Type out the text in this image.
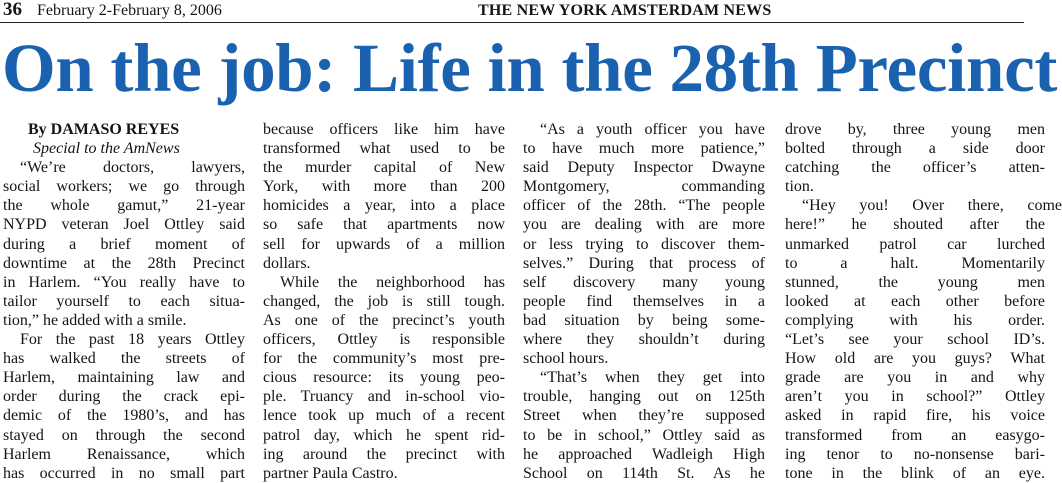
36 February 2-February 8, 2006	THE NEW YORK AMSTERDAM NEWS
On the job: Life in the 28th Precinct
By DAMASO REYES
Special to the AmNews
“We’re doctors, lawyers,
social workers; we go through
the whole gamut,” 21-year
NYPD veteran Joel Ottley said
during a brief moment of
downtime at the 28th Precinct
in Harlem. “You really have to
tailor yourself to each situa-
tion,” he added with a smile.
For the past 18 years Ottley
has walked the streets of
Harlem, maintaining law and
order during the crack epi-
demic of the 1980’s, and has
stayed on through the second
Harlem Renaissance, which
has occurred in no small part
because officers like him have
transformed what used to be
the murder capital of New
York, with more than 200
homicides a year, into a place
so safe that apartments now
sell for upwards of a million
dollars.
While the neighborhood has
changed, the job is still tough.
As one of the precinct’s youth
officers, Ottley is responsible
for the community’s most pre-
cious resource: its young peo-
ple. Truancy and in-school vio-
lence took up much of a recent
patrol day, which he spent rid-
ing around the precinct with
partner Paula Castro.
“As a youth officer you have
to have much more patience,”
said Deputy Inspector Dwayne
Montgomery, commanding
officer of the 28th. “The people
you are dealing with are more
or less trying to discover them-
selves.” During that process of
self discovery many young
people find themselves in a
bad situation by being some-
where they shouldn’t during
school hours.
“That’s when they get into
trouble, hanging out on 125th
Street when they’re supposed
to be in school,” Ottley said as
he approached Wadleigh High
School on 114th St. As he
drove by, three young men
bolted through a side door
catching the officer’s atten-
tion.
“Hey you! Over there, come
here!” he shouted after the
unmarked patrol car lurched
to a halt. Momentarily
stunned, the young men
looked at each other before
complying with his order.
“Let’s see your school ID’s.
How old are you guys? What
grade are you in and why
aren’t you in school?” Ottley
asked in rapid fire, his voice
transformed from an easygo-
ing tenor to no-nonsense bari-
tone in the blink of an eye.
